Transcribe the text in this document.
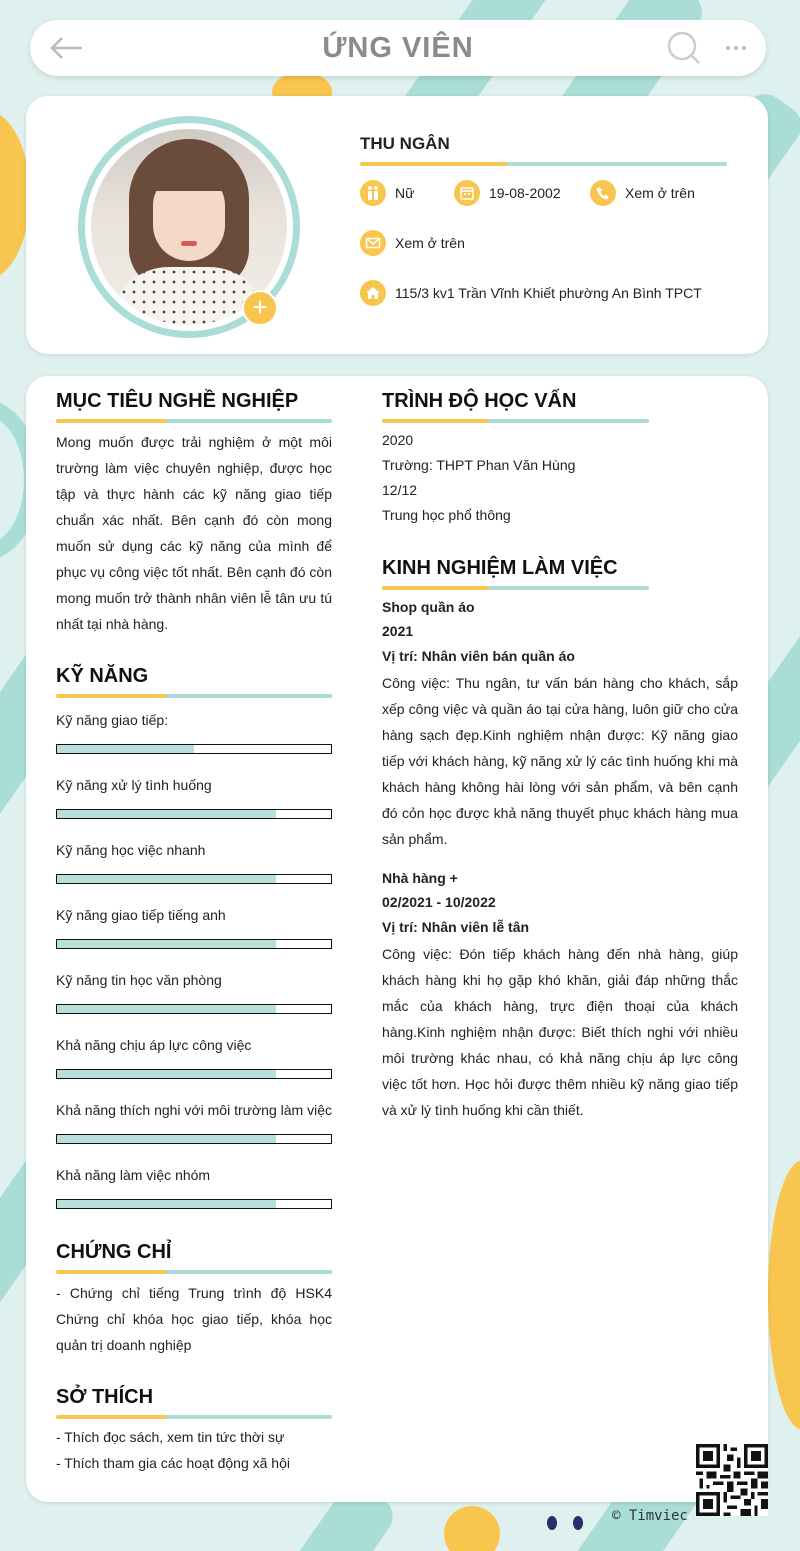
ỨNG VIÊN
+
THU NGÂN
Nữ	19-08-2002	Xem ở trên
Xem ở trên
115/3 kv1 Trần Vĩnh Khiết phường An Bình TPCT
MỤC TIÊU NGHỀ NGHIỆP
Mong muốn được trải nghiệm ở một môi trường làm việc chuyên nghiệp, được học tập và thực hành các kỹ năng giao tiếp chuẩn xác nhất. Bên cạnh đó còn mong muốn sử dụng các kỹ năng của mình để phục vụ công việc tốt nhất. Bên cạnh đó còn mong muốn trở thành nhân viên lễ tân ưu tú nhất tại nhà hàng.
KỸ NĂNG
Kỹ năng giao tiếp:
Kỹ năng xử lý tình huống
Kỹ năng học việc nhanh
Kỹ năng giao tiếp tiếng anh
Kỹ năng tin học văn phòng
Khả năng chịu áp lực công việc
Khả năng thích nghi với môi trường làm việc
Khả năng làm việc nhóm
CHỨNG CHỈ
- Chứng chỉ tiếng Trung trình độ HSK4 Chứng chỉ khóa học giao tiếp, khóa học quản trị doanh nghiệp
SỞ THÍCH
- Thích đọc sách, xem tin tức thời sự
- Thích tham gia các hoạt động xã hội
TRÌNH ĐỘ HỌC VẤN
2020
Trường: THPT Phan Văn Hùng
12/12
Trung học phổ thông
KINH NGHIỆM LÀM VIỆC
Shop quần áo
2021
Vị trí: Nhân viên bán quần áo
Công việc: Thu ngân, tư vấn bán hàng cho khách, sắp xếp công việc và quần áo tại cửa hàng, luôn giữ cho cửa hàng sạch đẹp.Kinh nghiệm nhận được: Kỹ năng giao tiếp với khách hàng, kỹ năng xử lý các tình huống khi mà khách hàng không hài lòng với sản phẩm, và bên cạnh đó cỏn học được khả năng thuyết phục khách hàng mua sản phẩm.
Nhà hàng +
02/2021 - 10/2022
Vị trí: Nhân viên lễ tân
Công việc: Đón tiếp khách hàng đến nhà hàng, giúp khách hàng khi họ gặp khó khăn, giải đáp những thắc mắc của khách hàng, trực điện thoại của khách hàng.Kinh nghiệm nhận được: Biết thích nghi với nhiều môi trường khác nhau, có khả năng chịu áp lực công việc tốt hơn. Học hỏi được thêm nhiều kỹ năng giao tiếp và xử lý tình huống khi cần thiết.
© Timviec
